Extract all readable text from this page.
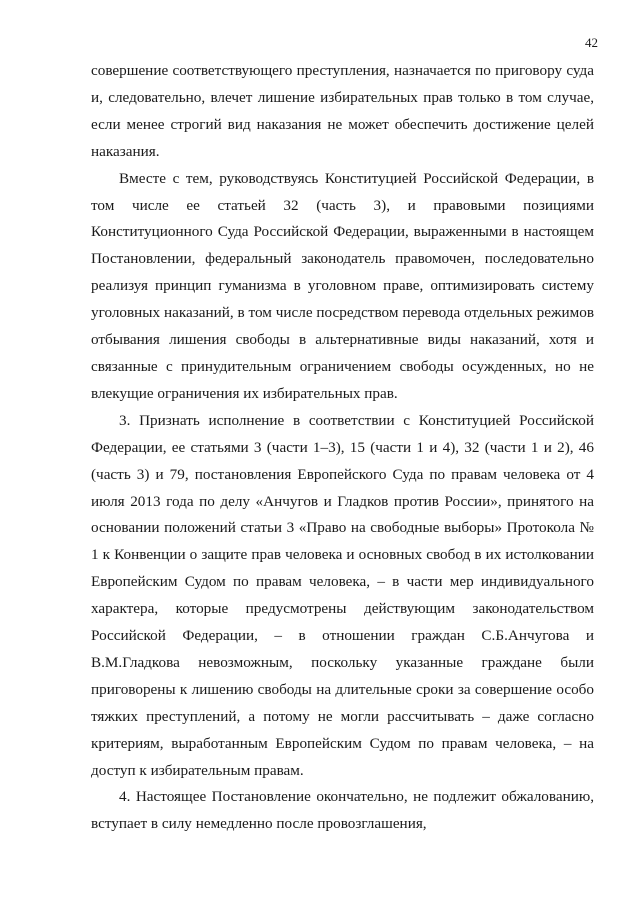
42

совершение соответствующего преступления, назначается по приговору суда и, следовательно, влечет лишение избирательных прав только в том случае, если менее строгий вид наказания не может обеспечить достижение целей наказания.

Вместе с тем, руководствуясь Конституцией Российской Федерации, в том числе ее статьей 32 (часть 3), и правовыми позициями Конституционного Суда Российской Федерации, выраженными в настоящем Постановлении, федеральный законодатель правомочен, последовательно реализуя принцип гуманизма в уголовном праве, оптимизировать систему уголовных наказаний, в том числе посредством перевода отдельных режимов отбывания лишения свободы в альтернативные виды наказаний, хотя и связанные с принудительным ограничением свободы осужденных, но не влекущие ограничения их избирательных прав.

3. Признать исполнение в соответствии с Конституцией Российской Федерации, ее статьями 3 (части 1–3), 15 (части 1 и 4), 32 (части 1 и 2), 46 (часть 3) и 79, постановления Европейского Суда по правам человека от 4 июля 2013 года по делу «Анчугов и Гладков против России», принятого на основании положений статьи 3 «Право на свободные выборы» Протокола № 1 к Конвенции о защите прав человека и основных свобод в их истолковании Европейским Судом по правам человека, – в части мер индивидуального характера, которые предусмотрены действующим законодательством Российской Федерации, – в отношении граждан С.Б.Анчугова и В.М.Гладкова невозможным, поскольку указанные граждане были приговорены к лишению свободы на длительные сроки за совершение особо тяжких преступлений, а потому не могли рассчитывать – даже согласно критериям, выработанным Европейским Судом по правам человека, – на доступ к избирательным правам.

4. Настоящее Постановление окончательно, не подлежит обжалованию, вступает в силу немедленно после провозглашения,
